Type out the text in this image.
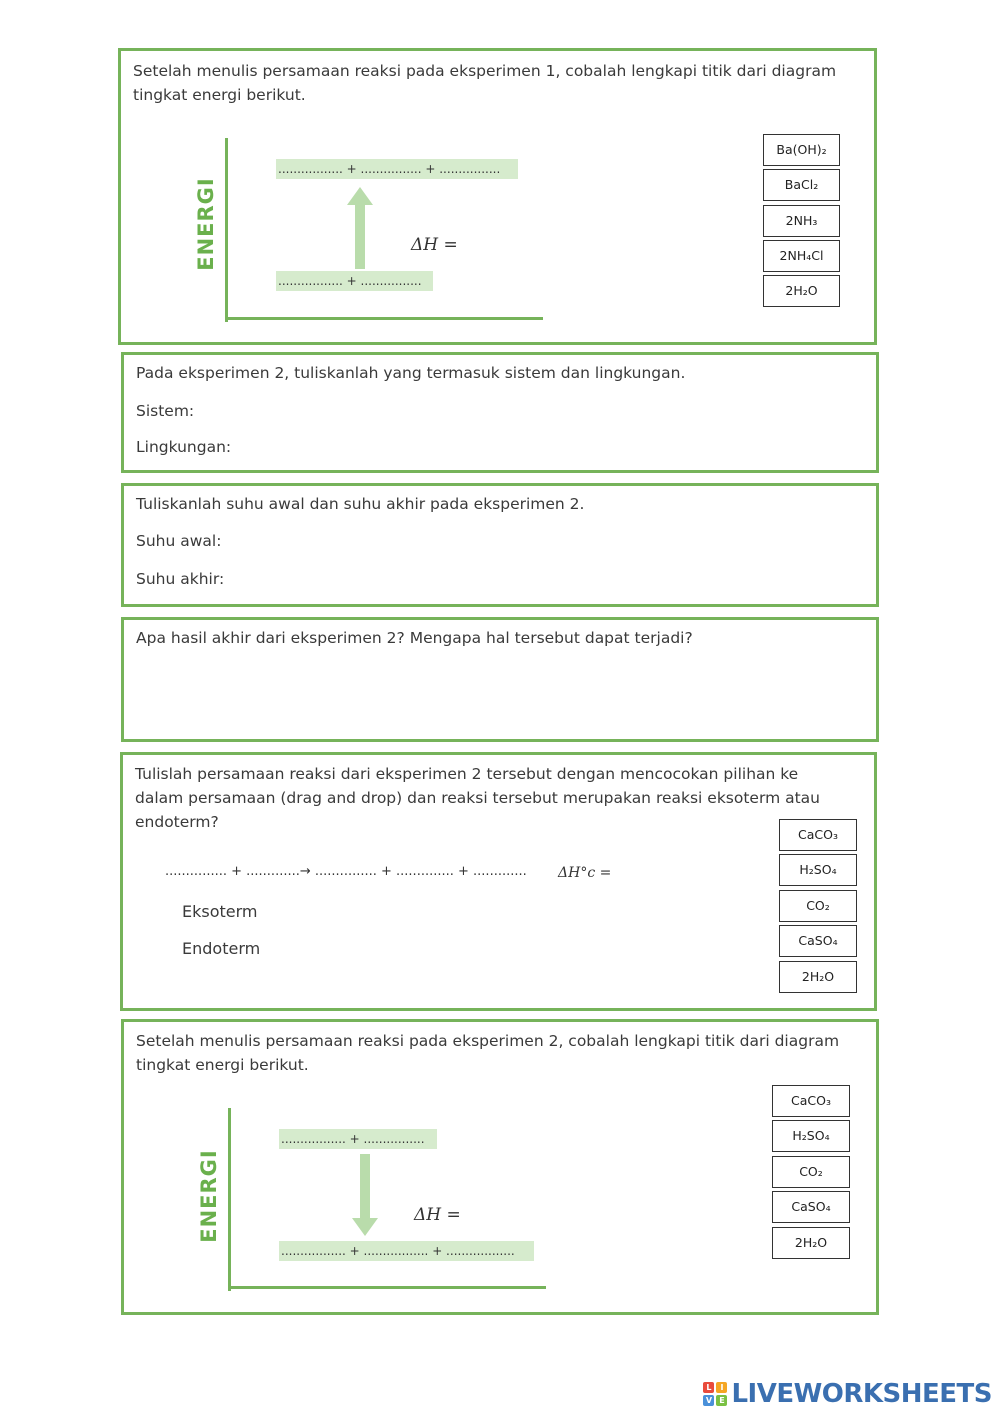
Setelah menulis persamaan reaksi pada eksperimen 1, cobalah lengkapi titik dari diagram tingkat energi berikut.

ENERGI
................. + ................ + ................
................. + ................
ΔH =
Ba(OH)₂
BaCl₂
2NH₃
2NH₄Cl
2H₂O

Pada eksperimen 2, tuliskanlah yang termasuk sistem dan lingkungan.

Sistem:

Lingkungan:

Tuliskanlah suhu awal dan suhu akhir pada eksperimen 2.

Suhu awal:

Suhu akhir:

Apa hasil akhir dari eksperimen 2? Mengapa hal tersebut dapat terjadi?

Tulislah persamaan reaksi dari eksperimen 2 tersebut dengan mencocokan pilihan ke dalam persamaan (drag and drop) dan reaksi tersebut merupakan reaksi eksoterm atau endoterm?

............... + .............→ ............... + .............. + ............. ΔH°c =
Eksoterm
Endoterm
CaCO₃
H₂SO₄
CO₂
CaSO₄
2H₂O

Setelah menulis persamaan reaksi pada eksperimen 2, cobalah lengkapi titik dari diagram tingkat energi berikut.

ENERGI
................. + ................
................. + ................. + ..................
ΔH =
CaCO₃
H₂SO₄
CO₂
CaSO₄
2H₂O
L	I
V E LIVEWORKSHEETS
